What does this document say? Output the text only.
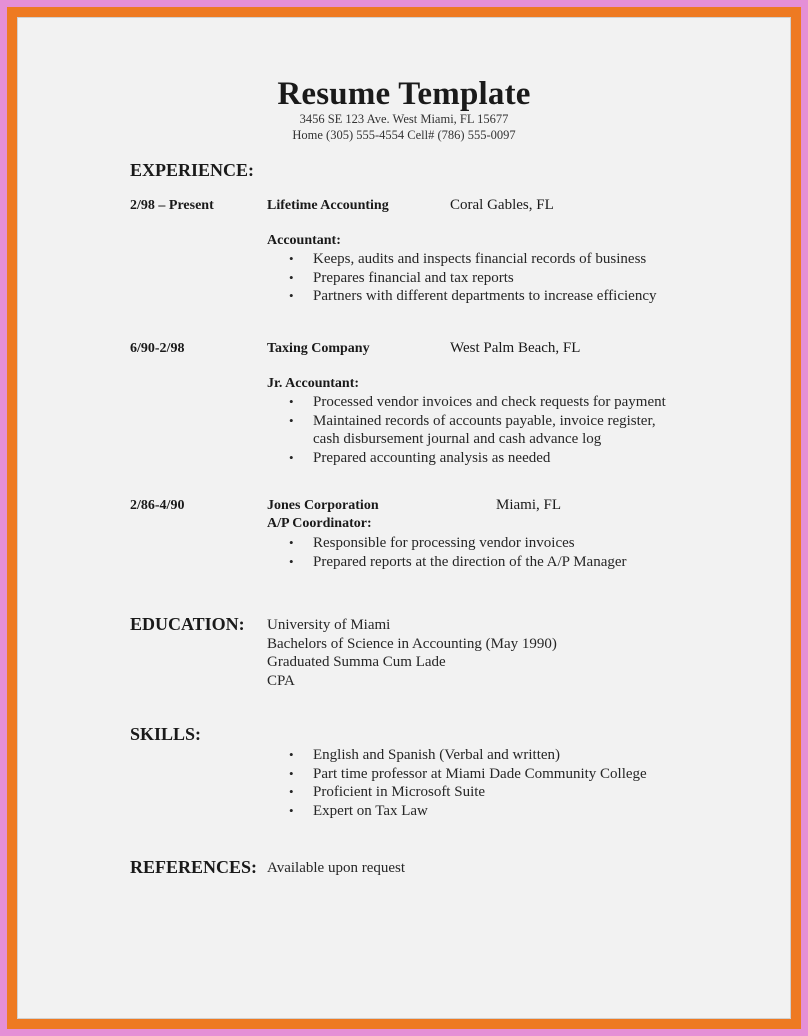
Resume Template
3456 SE 123 Ave. West Miami, FL 15677
Home (305) 555-4554 Cell# (786) 555-0097
EXPERIENCE:
2/98 – Present	Lifetime Accounting	Coral Gables, FL
Accountant:
• Keeps, audits and inspects financial records of business
• Prepares financial and tax reports
• Partners with different departments to increase efficiency
6/90-2/98	Taxing Company	West Palm Beach, FL
Jr. Accountant:
• Processed vendor invoices and check requests for payment
• Maintained records of accounts payable, invoice register,
cash disbursement journal and cash advance log
• Prepared accounting analysis as needed
2/86-4/90	Jones Corporation	Miami, FL
A/P Coordinator:
• Responsible for processing vendor invoices
• Prepared reports at the direction of the A/P Manager
EDUCATION: University of Miami
Bachelors of Science in Accounting (May 1990)
Graduated Summa Cum Lade
CPA
SKILLS:
• English and Spanish (Verbal and written)
• Part time professor at Miami Dade Community College
• Proficient in Microsoft Suite
• Expert on Tax Law
REFERENCES: Available upon request
